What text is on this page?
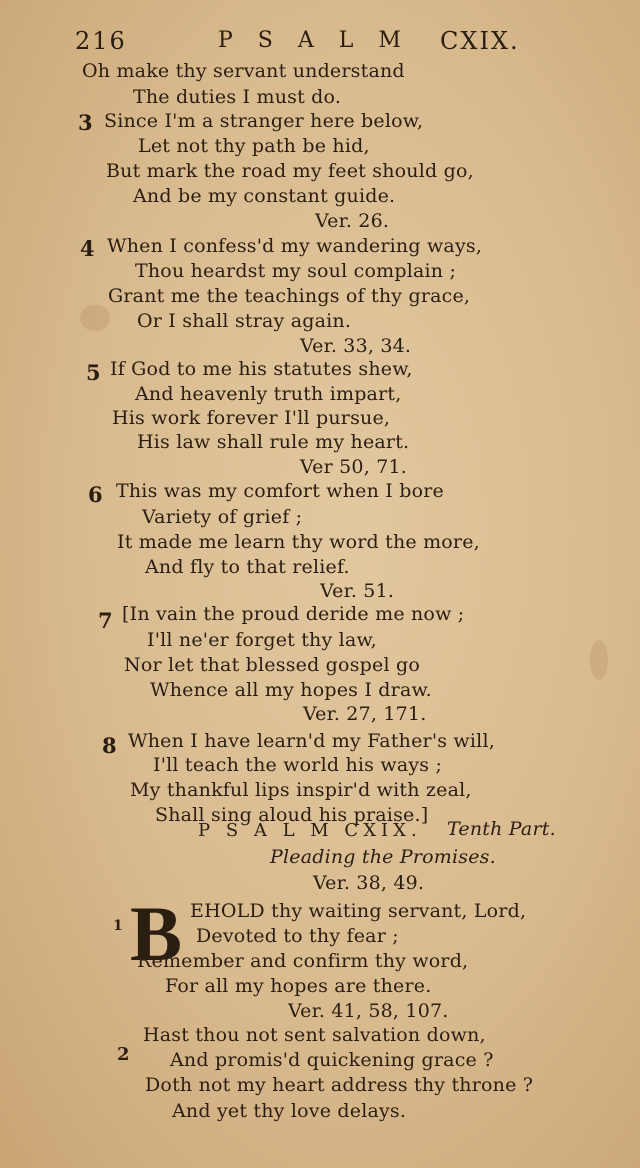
216	P S A L M CXIX.
Oh make thy servant understand
The duties I must do.
3 Since I'm a stranger here below,
Let not thy path be hid,
But mark the road my feet should go,
And be my constant guide.
Ver. 26.
4 When I confess'd my wandering ways,
Thou heardst my soul complain ;
Grant me the teachings of thy grace,
Or I shall stray again.
Ver. 33, 34.
5 If God to me his statutes shew,
And heavenly truth impart,
His work forever I'll pursue,
His law shall rule my heart.
Ver 50, 71.
6 This was my comfort when I bore
Variety of grief ;
It made me learn thy word the more,
And fly to that relief.
Ver. 51.
7 [In vain the proud deride me now ;
I'll ne'er forget thy law,
Nor let that blessed gospel go
Whence all my hopes I draw.
Ver. 27, 171.
8 When I have learn'd my Father's will,
I'll teach the world his ways ;
My thankful lips inspir'd with zeal,
Shall sing aloud his praise.]
P S A L M CXIX. Tenth Part.
Pleading the Promises.
Ver. 38, 49.
1 B EHOLD thy waiting servant, Lord,
Devoted to thy fear ;
Remember and confirm thy word,
For all my hopes are there.
Ver. 41, 58, 107.
2
Hast thou not sent salvation down,
And promis'd quickening grace ?
Doth not my heart address thy throne ?
And yet thy love delays.
